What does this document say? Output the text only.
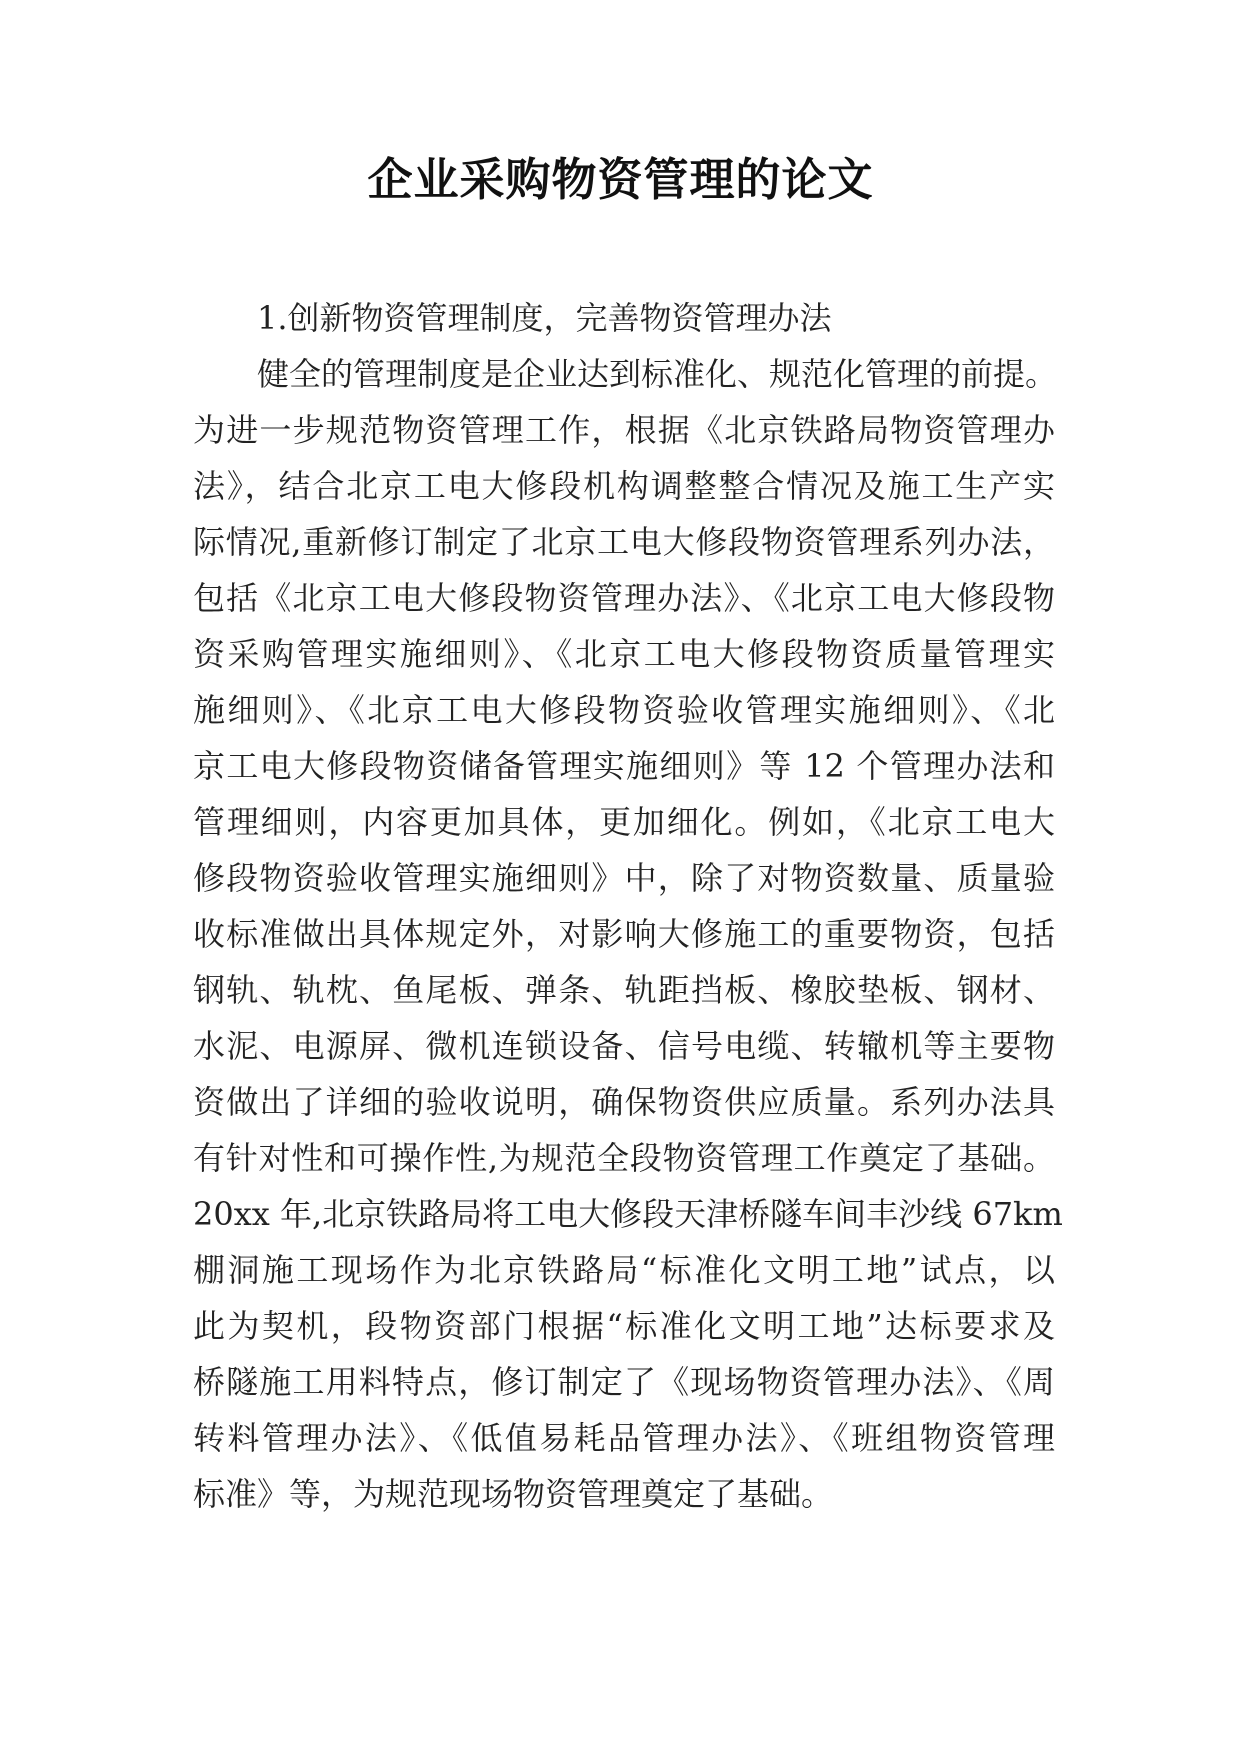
企业采购物资管理的论文
1.创新物资管理制度，完善物资管理办法
健全的管理制度是企业达到标准化、规范化管理的前提。
为进一步规范物资管理工作，根据《北京铁路局物资管理办
法》，结合北京工电大修段机构调整整合情况及施工生产实
际情况,重新修订制定了北京工电大修段物资管理系列办法，
包括《北京工电大修段物资管理办法》、《北京工电大修段物
资采购管理实施细则》、《北京工电大修段物资质量管理实
施细则》、《北京工电大修段物资验收管理实施细则》、《北
京工电大修段物资储备管理实施细则》等 12 个管理办法和
管理细则，内容更加具体，更加细化。例如，《北京工电大
修段物资验收管理实施细则》中，除了对物资数量、质量验
收标准做出具体规定外，对影响大修施工的重要物资，包括
钢轨、轨枕、鱼尾板、弹条、轨距挡板、橡胶垫板、钢材、
水泥、电源屏、微机连锁设备、信号电缆、转辙机等主要物
资做出了详细的验收说明，确保物资供应质量。系列办法具
有针对性和可操作性,为规范全段物资管理工作奠定了基础。
20xx 年,北京铁路局将工电大修段天津桥隧车间丰沙线 67km
棚洞施工现场作为北京铁路局“标准化文明工地”试点，以
此为契机，段物资部门根据“标准化文明工地”达标要求及
桥隧施工用料特点，修订制定了《现场物资管理办法》、《周
转料管理办法》、《低值易耗品管理办法》、《班组物资管理
标准》等，为规范现场物资管理奠定了基础。
